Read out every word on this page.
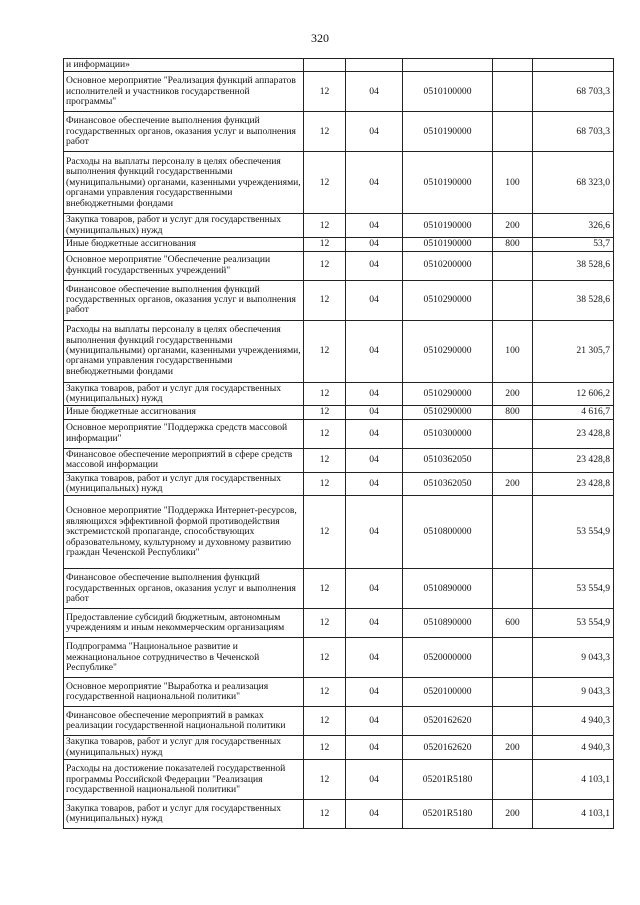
320
и информации»					
Основное мероприятие "Реализация функций аппаратов исполнителей и участников государственной программы"	12	04	0510100000		68 703,3
Финансовое обеспечение выполнения функций государственных органов, оказания услуг и выполнения работ	12	04	0510190000		68 703,3
Расходы на выплаты персоналу в целях обеспечения выполнения функций государственными (муниципальными) органами, казенными учреждениями, органами управления государственными внебюджетными фондами	12	04	0510190000	100	68 323,0
Закупка товаров, работ и услуг для государственных (муниципальных) нужд	12	04	0510190000	200	326,6
Иные бюджетные ассигнования	12	04	0510190000	800	53,7
Основное мероприятие "Обеспечение реализации функций государственных учреждений"	12	04	0510200000		38 528,6
Финансовое обеспечение выполнения функций государственных органов, оказания услуг и выполнения работ	12	04	0510290000		38 528,6
Расходы на выплаты персоналу в целях обеспечения выполнения функций государственными (муниципальными) органами, казенными учреждениями, органами управления государственными внебюджетными фондами	12	04	0510290000	100	21 305,7
Закупка товаров, работ и услуг для государственных (муниципальных) нужд	12	04	0510290000	200	12 606,2
Иные бюджетные ассигнования	12	04	0510290000	800	4 616,7
Основное мероприятие "Поддержка средств массовой информации"	12	04	0510300000		23 428,8
Финансовое обеспечение мероприятий в сфере средств массовой информации	12	04	0510362050		23 428,8
Закупка товаров, работ и услуг для государственных (муниципальных) нужд	12	04	0510362050	200	23 428,8
Основное мероприятие "Поддержка Интернет-ресурсов, являющихся эффективной формой противодействия экстремистской пропаганде, способствующих образовательному, культурному и духовному развитию граждан Чеченской Республики"	12	04	0510800000		53 554,9
Финансовое обеспечение выполнения функций государственных органов, оказания услуг и выполнения работ	12	04	0510890000		53 554,9
Предоставление субсидий бюджетным, автономным учреждениям и иным некоммерческим организациям	12	04	0510890000	600	53 554,9
Подпрограмма "Национальное развитие и межнациональное сотрудничество в Чеченской Республике"	12	04	0520000000		9 043,3
Основное мероприятие "Выработка и реализация государственной национальной политики"	12	04	0520100000		9 043,3
Финансовое обеспечение мероприятий в рамках реализации государственной национальной политики	12	04	0520162620		4 940,3
Закупка товаров, работ и услуг для государственных (муниципальных) нужд	12	04	0520162620	200	4 940,3
Расходы на достижение показателей государственной программы Российской Федерации "Реализация государственной национальной политики"	12	04	05201R5180		4 103,1
Закупка товаров, работ и услуг для государственных (муниципальных) нужд	12	04	05201R5180	200	4 103,1
